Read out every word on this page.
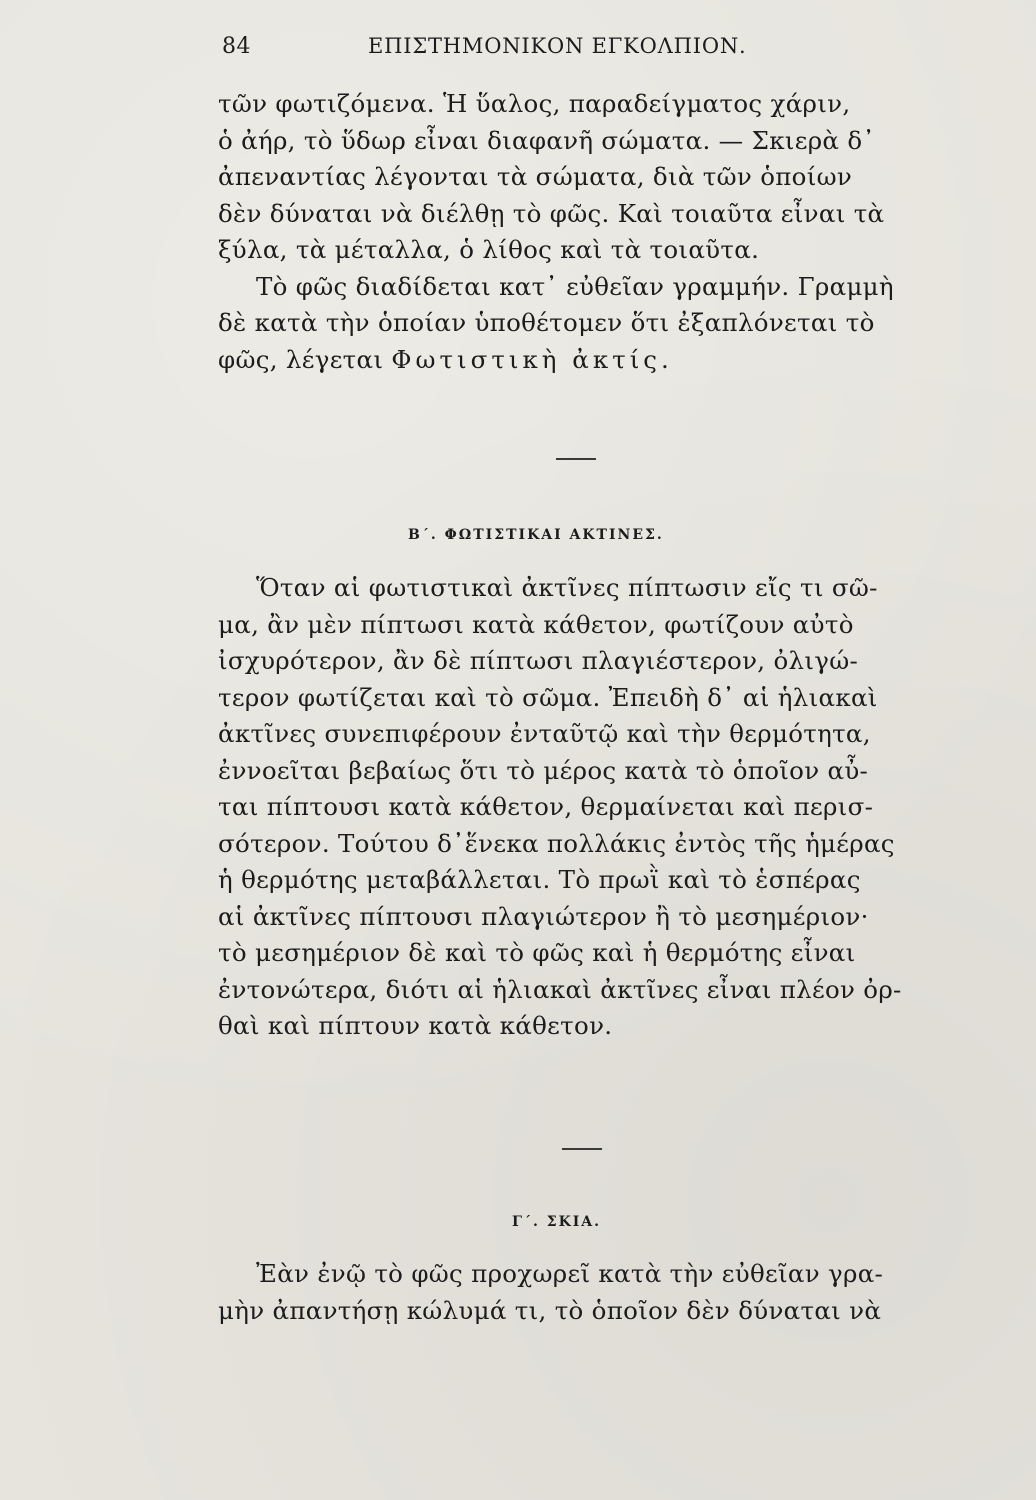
84	ΕΠΙΣΤΗΜΟΝΙΚΟΝ ΕΓΚΟΛΠΙΟΝ.
τῶν φωτιζόμενα. Ἡ ὕαλος, παραδείγματος χάριν,
ὁ ἀήρ, τὸ ὕδωρ εἶναι διαφανῆ σώματα. — Σκιερὰ δ᾽
ἀπεναντίας λέγονται τὰ σώματα, διὰ τῶν ὁποίων
δὲν δύναται νὰ διέλθῃ τὸ φῶς. Καὶ τοιαῦτα εἶναι τὰ
ξύλα, τὰ μέταλλα, ὁ λίθος καὶ τὰ τοιαῦτα.
Τὸ φῶς διαδίδεται κατ᾽ εὐθεῖαν γραμμήν. Γραμμὴ
δὲ κατὰ τὴν ὁποίαν ὑποθέτομεν ὅτι ἐξαπλόνεται τὸ
φῶς, λέγεται Φωτιστικὴ ἀκτίς.
Β΄. ΦΩΤΙΣΤΙΚΑΙ ΑΚΤΙΝΕΣ.
Ὅταν αἱ φωτιστικαὶ ἀκτῖνες πίπτωσιν εἴς τι σῶ-
μα, ἂν μὲν πίπτωσι κατὰ κάθετον, φωτίζουν αὐτὸ
ἰσχυρότερον, ἂν δὲ πίπτωσι πλαγιέστερον, ὀλιγώ-
τερον φωτίζεται καὶ τὸ σῶμα. Ἐπειδὴ δ᾽ αἱ ἡλιακαὶ
ἀκτῖνες συνεπιφέρουν ἐνταῦτῷ καὶ τὴν θερμότητα,
ἐννοεῖται βεβαίως ὅτι τὸ μέρος κατὰ τὸ ὁποῖον αὖ-
ται πίπτουσι κατὰ κάθετον, θερμαίνεται καὶ περισ-
σότερον. Τούτου δ᾽ἕνεκα πολλάκις ἐντὸς τῆς ἡμέρας
ἡ θερμότης μεταβάλλεται. Τὸ πρωῒ καὶ τὸ ἑσπέρας
αἱ ἀκτῖνες πίπτουσι πλαγιώτερον ἢ τὸ μεσημέριον·
τὸ μεσημέριον δὲ καὶ τὸ φῶς καὶ ἡ θερμότης εἶναι
ἐντονώτερα, διότι αἱ ἡλιακαὶ ἀκτῖνες εἶναι πλέον ὀρ-
θαὶ καὶ πίπτουν κατὰ κάθετον.
Γ΄. ΣΚΙΑ.
Ἐὰν ἐνῷ τὸ φῶς προχωρεῖ κατὰ τὴν εὐθεῖαν γρα-
μὴν ἀπαντήσῃ κώλυμά τι, τὸ ὁποῖον δὲν δύναται νὰ
